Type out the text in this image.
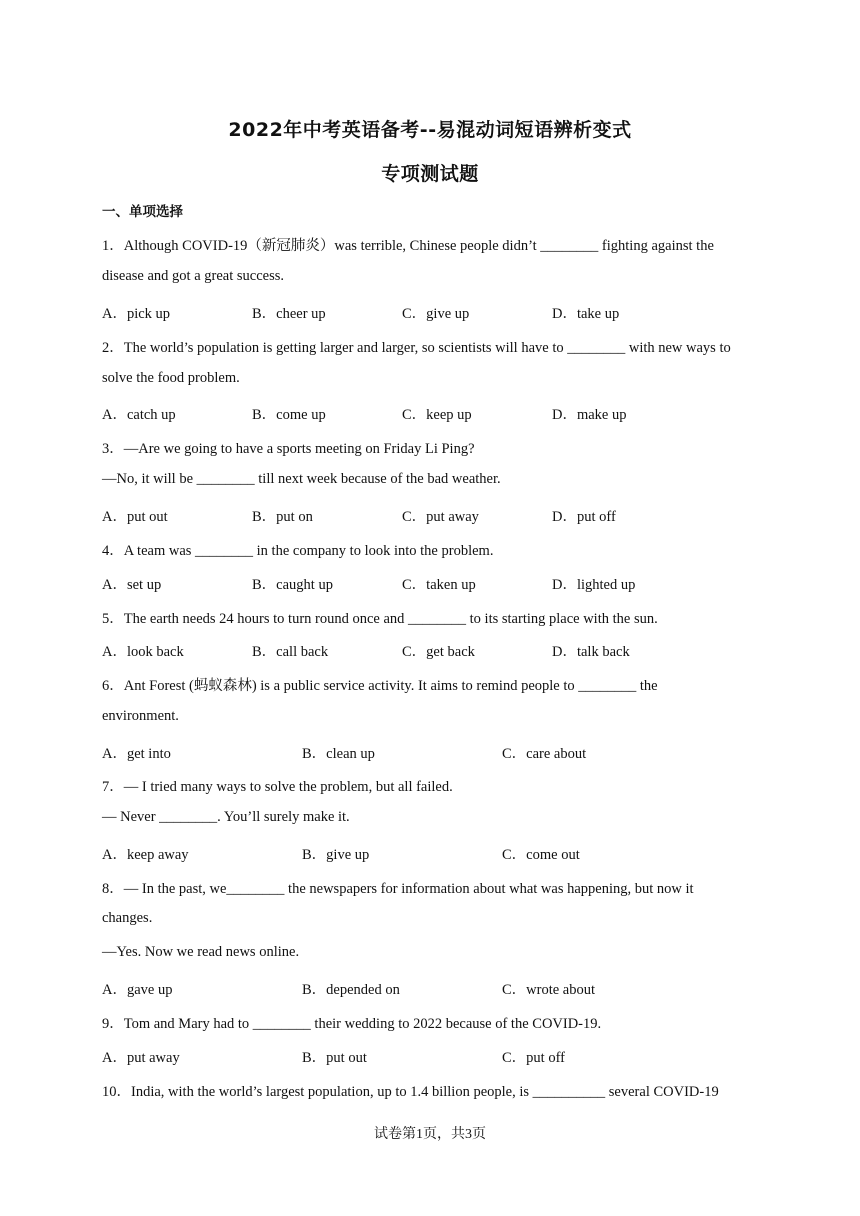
2022年中考英语备考--易混动词短语辨析变式
专项测试题
一、单项选择
1．Although COVID-19（新冠肺炎）was terrible, Chinese people didn’t ________ fighting against the
disease and got a great success.
A．pick up	B．cheer up	C．give up	D．take up
2．The world’s population is getting larger and larger, so scientists will have to ________ with new ways to
solve the food problem.
A．catch up	B．come up	C．keep up	D．make up
3．—Are we going to have a sports meeting on Friday Li Ping?
—No, it will be ________ till next week because of the bad weather.
A．put out	B．put on	C．put away	D．put off
4．A team was ________ in the company to look into the problem.
A．set up	B．caught up	C．taken up	D．lighted up
5．The earth needs 24 hours to turn round once and ________ to its starting place with the sun.
A．look back	B．call back	C．get back	D．talk back
6．Ant Forest (蚂蚁森林) is a public service activity. It aims to remind people to ________ the
environment.
A．get into	B．clean up	C．care about
7．— I tried many ways to solve the problem, but all failed.
— Never ________. You’ll surely make it.
A．keep away	B．give up	C．come out
8．— In the past, we________ the newspapers for information about what was happening, but now it
changes.
—Yes. Now we read news online.
A．gave up	B．depended on	C．wrote about
9．Tom and Mary had to ________ their wedding to 2022 because of the COVID-19.
A．put away	B．put out	C．put off
10．India, with the world’s largest population, up to 1.4 billion people, is __________ several COVID-19
试卷第1页，共3页
